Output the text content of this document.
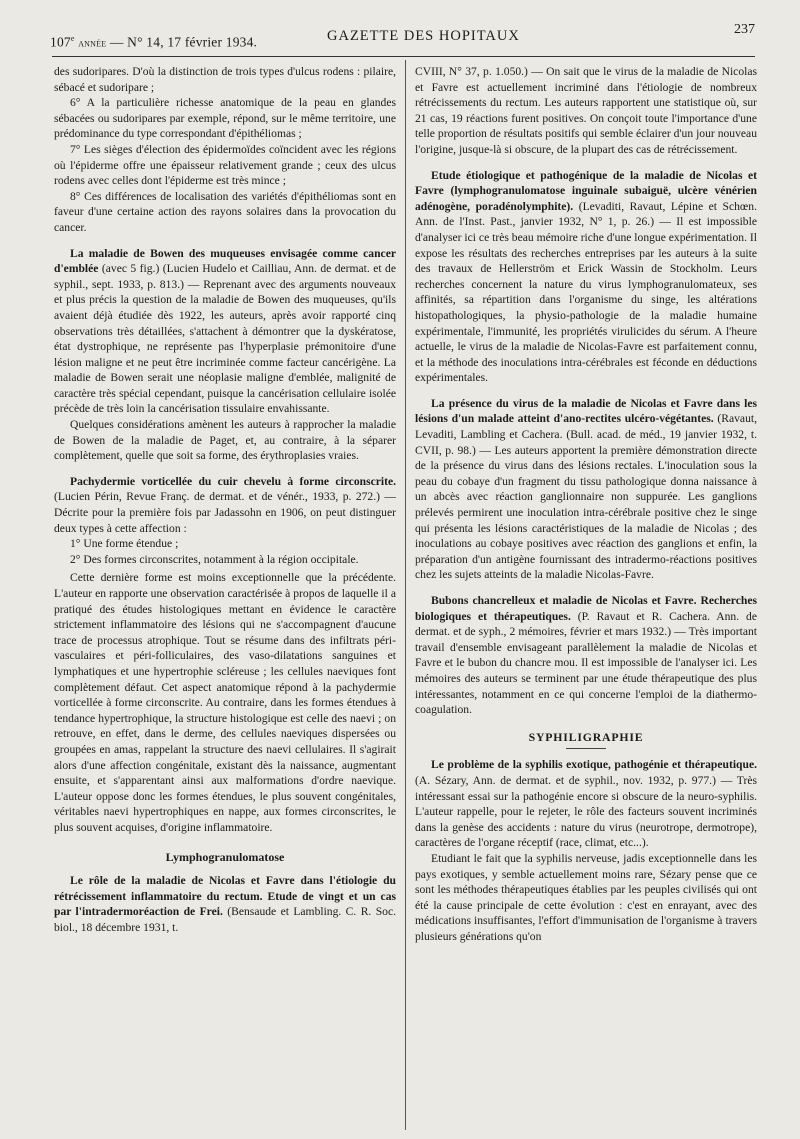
107e année — N° 14, 17 février 1934.	GAZETTE DES HOPITAUX	237

des sudoripares. D'où la distinction de trois types d'ulcus rodens : pilaire, sébacé et sudoripare ;

6° A la particulière richesse anatomique de la peau en glandes sébacées ou sudoripares par exemple, répond, sur le même territoire, une prédominance du type correspondant d'épithéliomas ;

7° Les sièges d'élection des épidermoïdes coïncident avec les régions où l'épiderme offre une épaisseur relativement grande ; ceux des ulcus rodens avec celles dont l'épiderme est très mince ;

8° Ces différences de localisation des variétés d'épithéliomas sont en faveur d'une certaine action des rayons solaires dans la provocation du cancer.

La maladie de Bowen des muqueuses envisagée comme cancer d'emblée (avec 5 fig.) (Lucien Hudelo et Cailliau, Ann. de dermat. et de syphil., sept. 1933, p. 813.) — Reprenant avec des arguments nouveaux et plus précis la question de la maladie de Bowen des muqueuses, qu'ils avaient déjà étudiée dès 1922, les auteurs, après avoir rapporté cinq observations très détaillées, s'attachent à démontrer que la dyskératose, état dystrophique, ne représente pas l'hyperplasie prémonitoire d'une lésion maligne et ne peut être incriminée comme facteur cancérigène. La maladie de Bowen serait une néoplasie maligne d'emblée, malignité de caractère très spécial cependant, puisque la cancérisation cellulaire isolée précède de très loin la cancérisation tissulaire envahissante.

Quelques considérations amènent les auteurs à rapprocher la maladie de Bowen de la maladie de Paget, et, au contraire, à la séparer complètement, quelle que soit sa forme, des érythroplasies vraies.

Pachydermie vorticellée du cuir chevelu à forme circonscrite. (Lucien Périn, Revue Franç. de dermat. et de vénér., 1933, p. 272.) — Décrite pour la première fois par Jadassohn en 1906, on peut distinguer deux types à cette affection :

1° Une forme étendue ;

2° Des formes circonscrites, notamment à la région occipitale.

Cette dernière forme est moins exceptionnelle que la précédente. L'auteur en rapporte une observation caractérisée à propos de laquelle il a pratiqué des études histologiques mettant en évidence le caractère strictement inflammatoire des lésions qui ne s'accompagnent d'aucune trace de processus atrophique. Tout se résume dans des infiltrats péri-vasculaires et péri-folliculaires, des vaso-dilatations sanguines et lymphatiques et une hypertrophie scléreuse ; les cellules naeviques font complètement défaut. Cet aspect anatomique répond à la pachydermie vorticellée à forme circonscrite. Au contraire, dans les formes étendues à tendance hypertrophique, la structure histologique est celle des naevi ; on retrouve, en effet, dans le derme, des cellules naeviques dispersées ou groupées en amas, rappelant la structure des naevi cellulaires. Il s'agirait alors d'une affection congénitale, existant dès la naissance, augmentant ensuite, et s'apparentant ainsi aux malformations d'ordre naevique. L'auteur oppose donc les formes étendues, le plus souvent congénitales, véritables naevi hypertrophiques en nappe, aux formes circonscrites, le plus souvent acquises, d'origine inflammatoire.

Lymphogranulomatose

Le rôle de la maladie de Nicolas et Favre dans l'étiologie du rétrécissement inflammatoire du rectum. Etude de vingt et un cas par l'intradermoréaction de Frei. (Bensaude et Lambling. C. R. Soc. biol., 18 décembre 1931, t.

CVIII, N° 37, p. 1.050.) — On sait que le virus de la maladie de Nicolas et Favre est actuellement incriminé dans l'étiologie de nombreux rétrécissements du rectum. Les auteurs rapportent une statistique où, sur 21 cas, 19 réactions furent positives. On conçoit toute l'importance d'une telle proportion de résultats positifs qui semble éclairer d'un jour nouveau l'origine, jusque-là si obscure, de la plupart des cas de rétrécissement.

Etude étiologique et pathogénique de la maladie de Nicolas et Favre (lymphogranulomatose inguinale subaiguë, ulcère vénérien adénogène, poradénolymphite). (Levaditi, Ravaut, Lépine et Schœn. Ann. de l'Inst. Past., janvier 1932, N° 1, p. 26.) — Il est impossible d'analyser ici ce très beau mémoire riche d'une longue expérimentation. Il expose les résultats des recherches entreprises par les auteurs à la suite des travaux de Hellerström et Erick Wassin de Stockholm. Leurs recherches concernent la nature du virus lymphogranulomateux, ses affinités, sa répartition dans l'organisme du singe, les altérations histopathologiques, la physio-pathologie de la maladie humaine expérimentale, l'immunité, les propriétés virulicides du sérum. A l'heure actuelle, le virus de la maladie de Nicolas-Favre est parfaitement connu, et la méthode des inoculations intra-cérébrales est féconde en déductions expérimentales.

La présence du virus de la maladie de Nicolas et Favre dans les lésions d'un malade atteint d'ano-rectites ulcéro-végétantes. (Ravaut, Levaditi, Lambling et Cachera. (Bull. acad. de méd., 19 janvier 1932, t. CVII, p. 98.) — Les auteurs apportent la première démonstration directe de la présence du virus dans des lésions rectales. L'inoculation sous la peau du cobaye d'un fragment du tissu pathologique donna naissance à un abcès avec réaction ganglionnaire non suppurée. Les ganglions prélevés permirent une inoculation intra-cérébrale positive chez le singe qui présenta les lésions caractéristiques de la maladie de Nicolas ; des inoculations au cobaye positives avec réaction des ganglions et enfin, la préparation d'un antigène fournissant des intradermo-réactions positives chez les sujets atteints de la maladie Nicolas-Favre.

Bubons chancrelleux et maladie de Nicolas et Favre. Recherches biologiques et thérapeutiques. (P. Ravaut et R. Cachera. Ann. de dermat. et de syph., 2 mémoires, février et mars 1932.) — Très important travail d'ensemble envisageant parallèlement la maladie de Nicolas et Favre et le bubon du chancre mou. Il est impossible de l'analyser ici. Les mémoires des auteurs se terminent par une étude thérapeutique des plus intéressantes, notamment en ce qui concerne l'emploi de la diathermo-coagulation.

SYPHILIGRAPHIE

Le problème de la syphilis exotique, pathogénie et thérapeutique. (A. Sézary, Ann. de dermat. et de syphil., nov. 1932, p. 977.) — Très intéressant essai sur la pathogénie encore si obscure de la neuro-syphilis. L'auteur rappelle, pour le rejeter, le rôle des facteurs souvent incriminés dans la genèse des accidents : nature du virus (neurotrope, dermotrope), caractères de l'organe réceptif (race, climat, etc...).

Etudiant le fait que la syphilis nerveuse, jadis exceptionnelle dans les pays exotiques, y semble actuellement moins rare, Sézary pense que ce sont les méthodes thérapeutiques établies par les peuples civilisés qui ont été la cause principale de cette évolution : c'est en enrayant, avec des médications insuffisantes, l'effort d'immunisation de l'organisme à travers plusieurs générations qu'on
